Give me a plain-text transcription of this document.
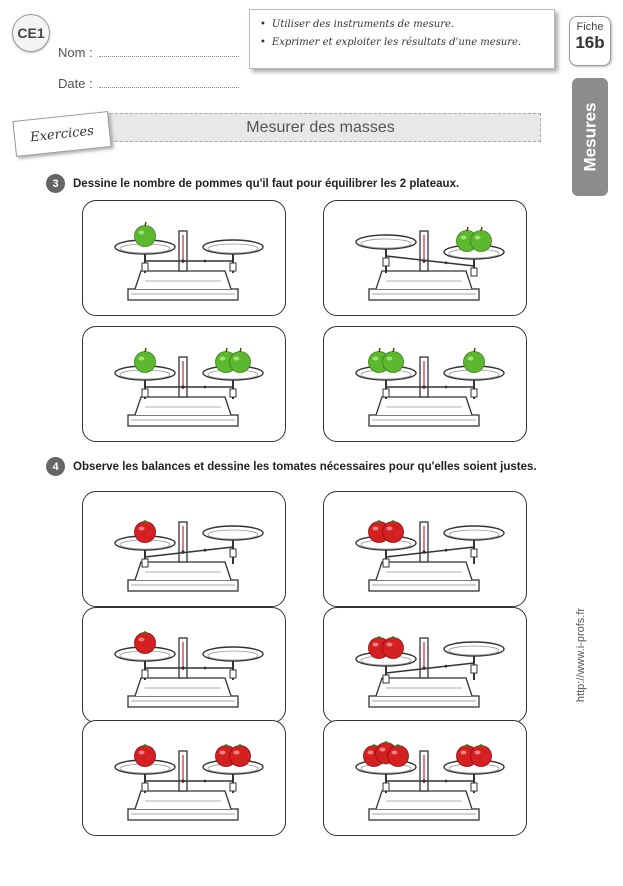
CE1
Nom :
Date :
• Utiliser des instruments de mesure.
• Exprimer et exploiter les résultats d'une mesure.
Fiche
16b
Mesures
Exercices	Mesurer des masses
3	Dessine le nombre de pommes qu'il faut pour équilibrer les 2 plateaux.
4	Observe les balances et dessine les tomates nécessaires pour qu'elles soient justes.
http://www.i-profs.fr
